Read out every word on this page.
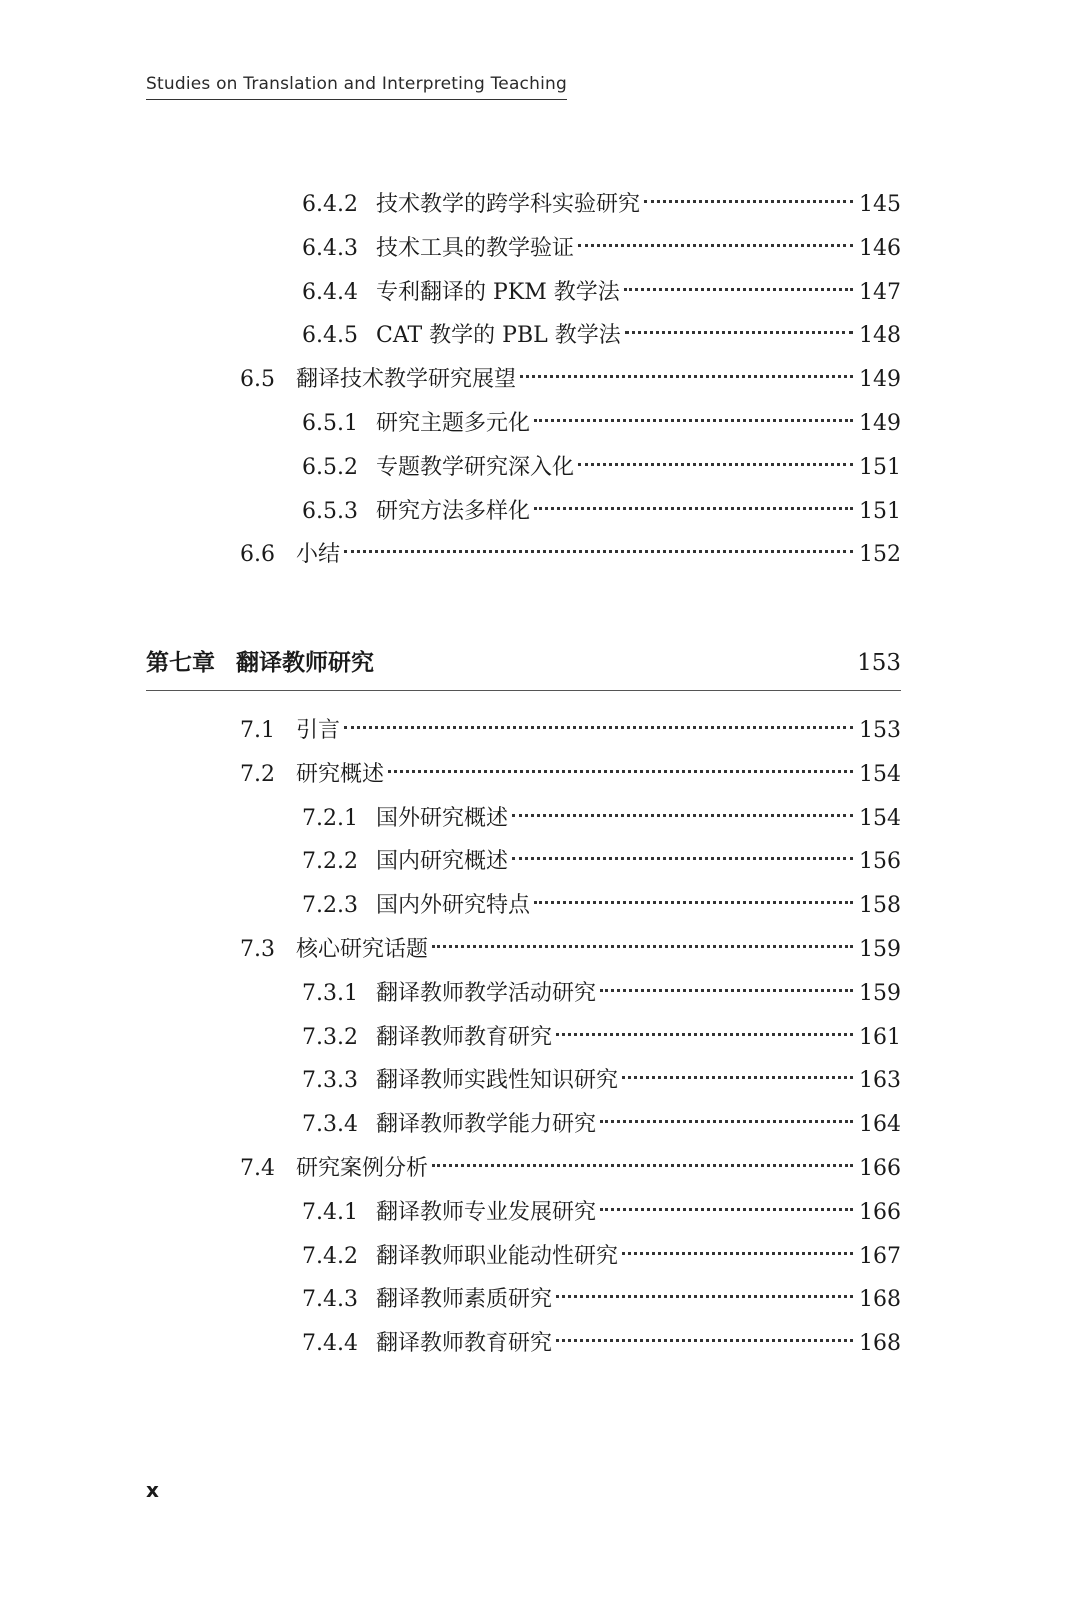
Studies on Translation and Interpreting Teaching
6.4.2 技术教学的跨学科实验研究	145
6.4.3 技术工具的教学验证	146
6.4.4 专利翻译的 PKM 教学法	147
6.4.5 CAT 教学的 PBL 教学法	148
6.5 翻译技术教学研究展望	149
6.5.1 研究主题多元化	149
6.5.2 专题教学研究深入化	151
6.5.3 研究方法多样化	151
6.6 小结	152
第七章 翻译教师研究	153
7.1 引言	153
7.2 研究概述	154
7.2.1 国外研究概述	154
7.2.2 国内研究概述	156
7.2.3 国内外研究特点	158
7.3 核心研究话题	159
7.3.1 翻译教师教学活动研究	159
7.3.2 翻译教师教育研究	161
7.3.3 翻译教师实践性知识研究	163
7.3.4 翻译教师教学能力研究	164
7.4 研究案例分析	166
7.4.1 翻译教师专业发展研究	166
7.4.2 翻译教师职业能动性研究	167
7.4.3 翻译教师素质研究	168
7.4.4 翻译教师教育研究	168
x
